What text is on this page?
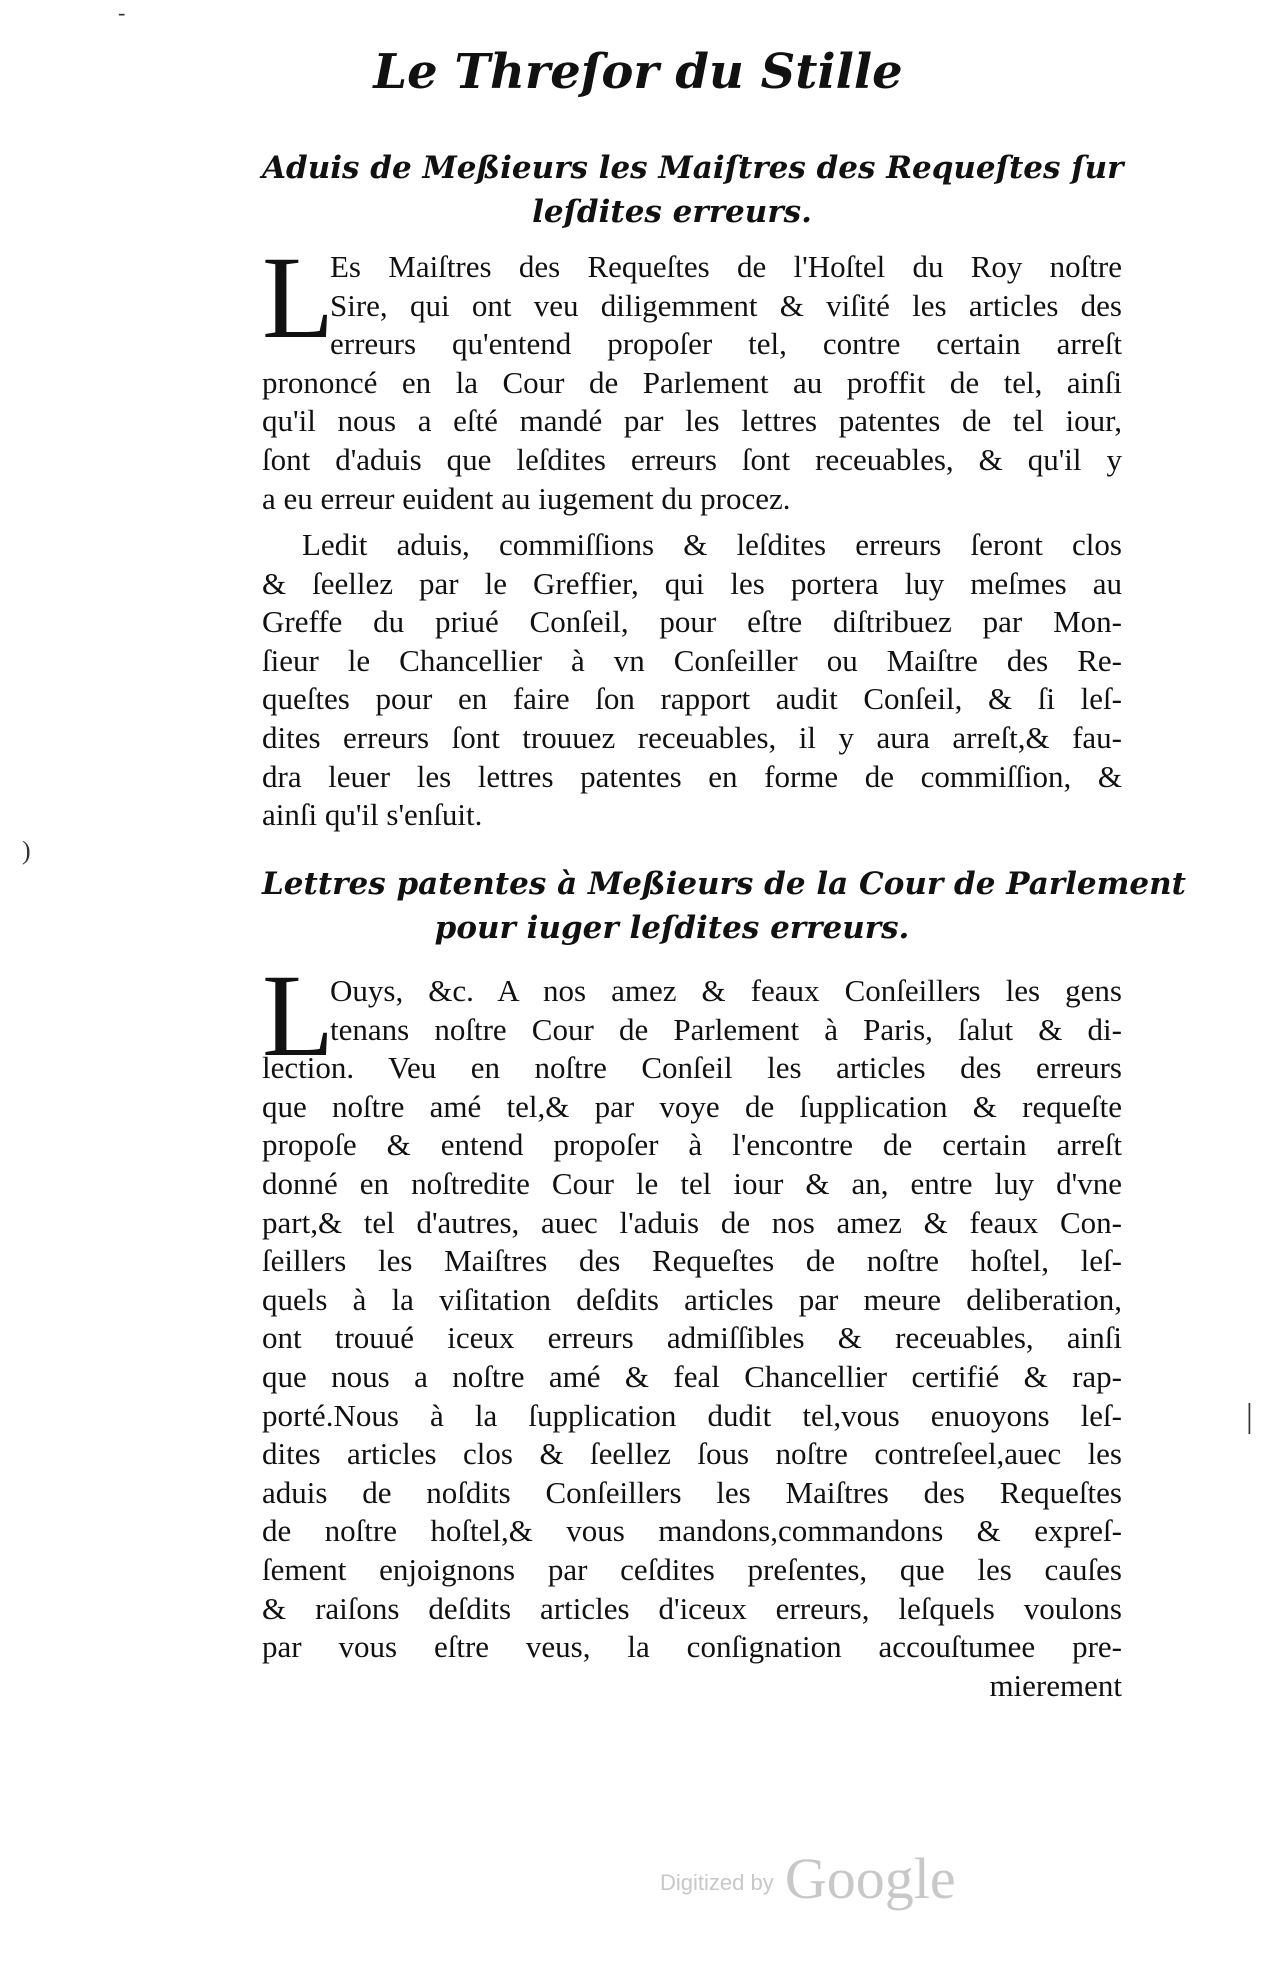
-
)
|
Le Threſor du Stille
Aduis de Meßieurs les Maiſtres des Requeſtes ſur
leſdites erreurs.
L
Es Maiſtres des Requeſtes de l'Hoſtel du Roy noſtre
Sire, qui ont veu diligemment & viſité les articles des
erreurs qu'entend propoſer tel, contre certain arreſt
prononcé en la Cour de Parlement au proffit de tel, ainſi
qu'il nous a eſté mandé par les lettres patentes de tel iour,
ſont d'aduis que leſdites erreurs ſont receuables, & qu'il y
a eu erreur euident au iugement du procez.
Ledit aduis, commiſſions & leſdites erreurs ſeront clos
& ſeellez par le Greffier, qui les portera luy meſmes au
Greffe du priué Conſeil, pour eſtre diſtribuez par Mon-
ſieur le Chancellier à vn Conſeiller ou Maiſtre des Re-
queſtes pour en faire ſon rapport audit Conſeil, & ſi leſ-
dites erreurs ſont trouuez receuables, il y aura arreſt,& fau-
dra leuer les lettres patentes en forme de commiſſion, &
ainſi qu'il s'enſuit.
Lettres patentes à Meßieurs de la Cour de Parlement
pour iuger leſdites erreurs.
L
Ouys, &c. A nos amez & feaux Conſeillers les gens
tenans noſtre Cour de Parlement à Paris, ſalut & di-
lection. Veu en noſtre Conſeil les articles des erreurs
que noſtre amé tel,& par voye de ſupplication & requeſte
propoſe & entend propoſer à l'encontre de certain arreſt
donné en noſtredite Cour le tel iour & an, entre luy d'vne
part,& tel d'autres, auec l'aduis de nos amez & feaux Con-
ſeillers les Maiſtres des Requeſtes de noſtre hoſtel, leſ-
quels à la viſitation deſdits articles par meure deliberation,
ont trouué iceux erreurs admiſſibles & receuables, ainſi
que nous a noſtre amé & feal Chancellier certifié & rap-
porté.Nous à la ſupplication dudit tel,vous enuoyons leſ-
dites articles clos & ſeellez ſous noſtre contreſeel,auec les
aduis de noſdits Conſeillers les Maiſtres des Requeſtes
de noſtre hoſtel,& vous mandons,commandons & expreſ-
ſement enjoignons par ceſdites preſentes, que les cauſes
& raiſons deſdits articles d'iceux erreurs, leſquels voulons
par vous eſtre veus, la conſignation accouſtumee pre-
mierement
Digitized by Google
